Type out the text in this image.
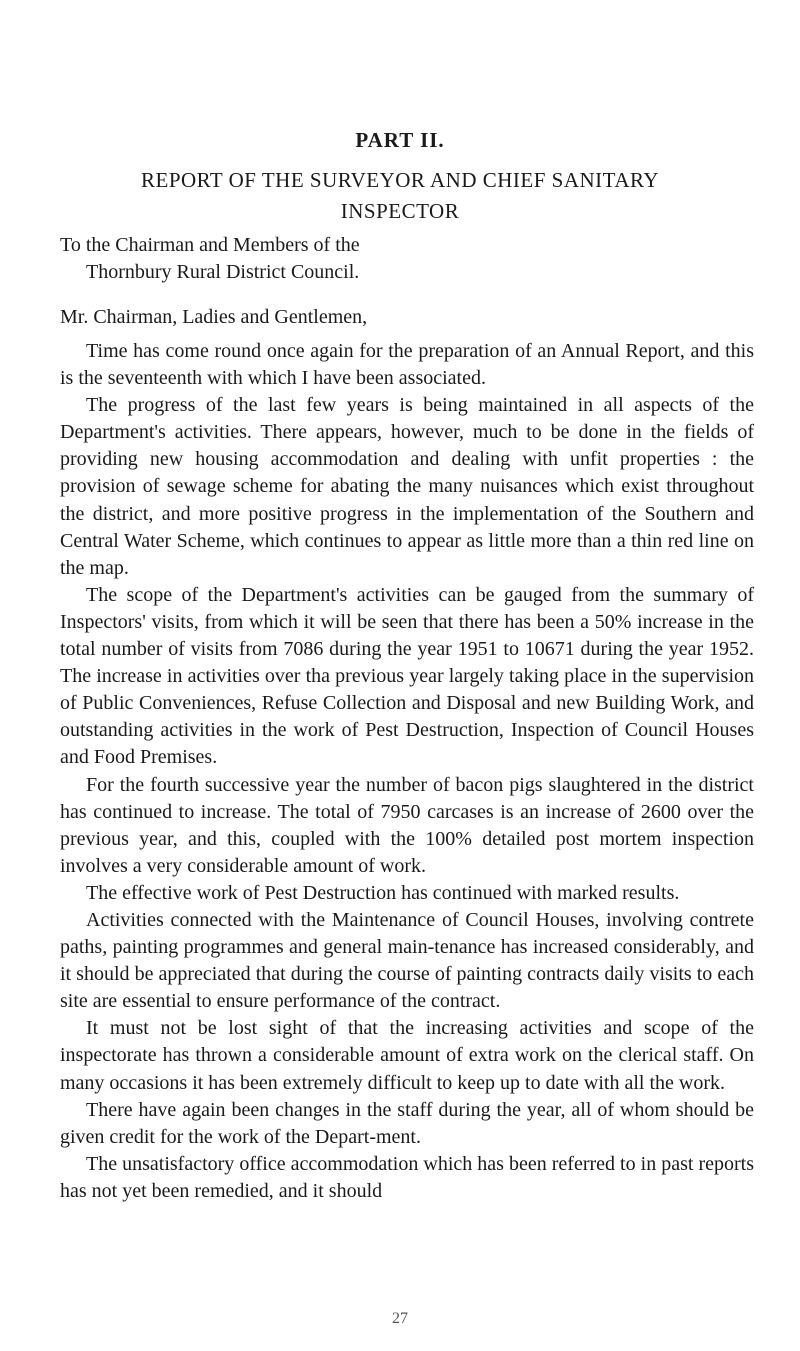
PART II.
REPORT OF THE SURVEYOR AND CHIEF SANITARY
INSPECTOR
To the Chairman and Members of the
Thornbury Rural District Council.
Mr. Chairman, Ladies and Gentlemen,

Time has come round once again for the preparation of an Annual Report, and this is the seventeenth with which I have been associated.

The progress of the last few years is being maintained in all aspects of the Department's activities. There appears, however, much to be done in the fields of providing new housing accommodation and dealing with unfit properties : the provision of sewage scheme for abating the many nuisances which exist throughout the district, and more positive progress in the implementation of the Southern and Central Water Scheme, which continues to appear as little more than a thin red line on the map.

The scope of the Department's activities can be gauged from the summary of Inspectors' visits, from which it will be seen that there has been a 50% increase in the total number of visits from 7086 during the year 1951 to 10671 during the year 1952. The increase in activities over tha previous year largely taking place in the supervision of Public Conveniences, Refuse Collection and Disposal and new Building Work, and outstanding activities in the work of Pest Destruction, Inspection of Council Houses and Food Premises.

For the fourth successive year the number of bacon pigs slaughtered in the district has continued to increase. The total of 7950 carcases is an increase of 2600 over the previous year, and this, coupled with the 100% detailed post mortem inspection involves a very considerable amount of work.

The effective work of Pest Destruction has continued with marked results.

Activities connected with the Maintenance of Council Houses, involving contrete paths, painting programmes and general main-tenance has increased considerably, and it should be appreciated that during the course of painting contracts daily visits to each site are essential to ensure performance of the contract.

It must not be lost sight of that the increasing activities and scope of the inspectorate has thrown a considerable amount of extra work on the clerical staff. On many occasions it has been extremely difficult to keep up to date with all the work.

There have again been changes in the staff during the year, all of whom should be given credit for the work of the Depart-ment.

The unsatisfactory office accommodation which has been referred to in past reports has not yet been remedied, and it should

27
